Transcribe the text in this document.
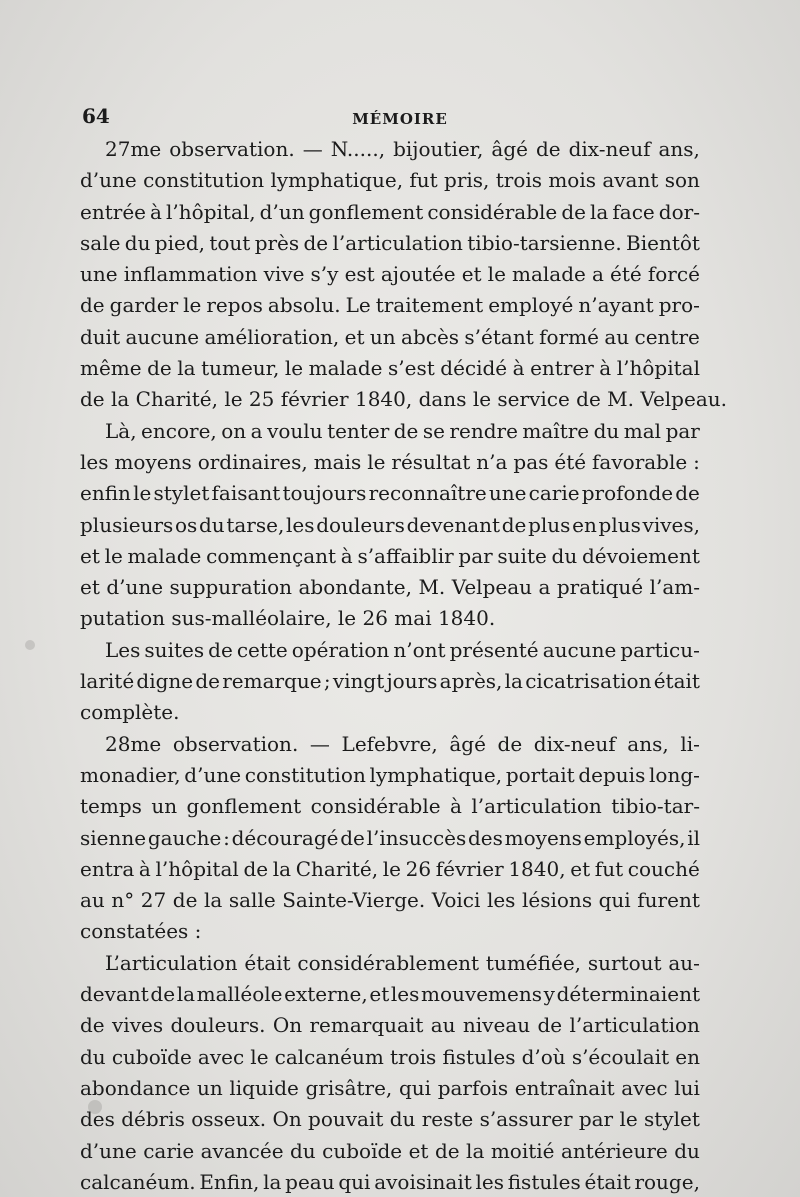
64	MÉMOIRE
27me observation. — N....., bijoutier, âgé de dix-neuf ans,
d’une constitution lymphatique, fut pris, trois mois avant son
entrée à l’hôpital, d’un gonflement considérable de la face dor-
sale du pied, tout près de l’articulation tibio-tarsienne. Bientôt
une inflammation vive s’y est ajoutée et le malade a été forcé
de garder le repos absolu. Le traitement employé n’ayant pro-
duit aucune amélioration, et un abcès s’étant formé au centre
même de la tumeur, le malade s’est décidé à entrer à l’hôpital
de la Charité, le 25 février 1840, dans le service de M. Velpeau.
Là, encore, on a voulu tenter de se rendre maître du mal par
les moyens ordinaires, mais le résultat n’a pas été favorable :
enfin le stylet faisant toujours reconnaître une carie profonde de
plusieurs os du tarse, les douleurs devenant de plus en plus vives,
et le malade commençant à s’affaiblir par suite du dévoiement
et d’une suppuration abondante, M. Velpeau a pratiqué l’am-
putation sus-malléolaire, le 26 mai 1840.
Les suites de cette opération n’ont présenté aucune particu-
larité digne de remarque ; vingt jours après, la cicatrisation était
complète.
28me observation. — Lefebvre, âgé de dix-neuf ans, li-
monadier, d’une constitution lymphatique, portait depuis long-
temps un gonflement considérable à l’articulation tibio-tar-
sienne gauche : découragé de l’insuccès des moyens employés, il
entra à l’hôpital de la Charité, le 26 février 1840, et fut couché
au n° 27 de la salle Sainte-Vierge. Voici les lésions qui furent
constatées :
L’articulation était considérablement tuméfiée, surtout au-
devant de la malléole externe, et les mouvemens y déterminaient
de vives douleurs. On remarquait au niveau de l’articulation
du cuboïde avec le calcanéum trois fistules d’où s’écoulait en
abondance un liquide grisâtre, qui parfois entraînait avec lui
des débris osseux. On pouvait du reste s’assurer par le stylet
d’une carie avancée du cuboïde et de la moitié antérieure du
calcanéum. Enfin, la peau qui avoisinait les fistules était rouge,
